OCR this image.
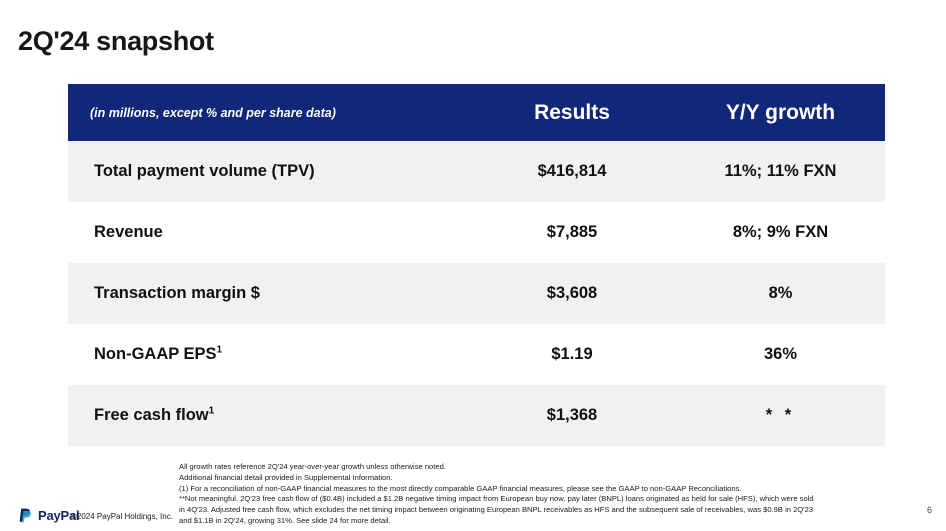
2Q'24 snapshot
(in millions, except % and per share data)	Results	Y/Y growth
Total payment volume (TPV)	$416,814	11%; 11% FXN
Revenue	$7,885	8%; 9% FXN
Transaction margin $	$3,608	8%
Non-GAAP EPS$^1$	$1.19	36%
Free cash flow$^1$	$1,368	* *
All growth rates reference 2Q'24 year-over-year growth unless otherwise noted.
Additional financial detail provided in Supplemental Information.
(1) For a reconciliation of non-GAAP financial measures to the most directly comparable GAAP financial measures, please see the GAAP to non-GAAP Reconciliations.
**Not meaningful. 2Q'23 free cash flow of ($0.4B) included a $1.2B negative timing impact from European buy now, pay later (BNPL) loans originated as held for sale (HFS), which were sold in 4Q'23. Adjusted free cash flow, which excludes the net timing impact between originating European BNPL receivables as HFS and the subsequent sale of receivables, was $0.9B in 2Q'23 and $1.1B in 2Q'24, growing 31%. See slide 24 for more detail.
PayPal
©2024 PayPal Holdings, Inc.
6
